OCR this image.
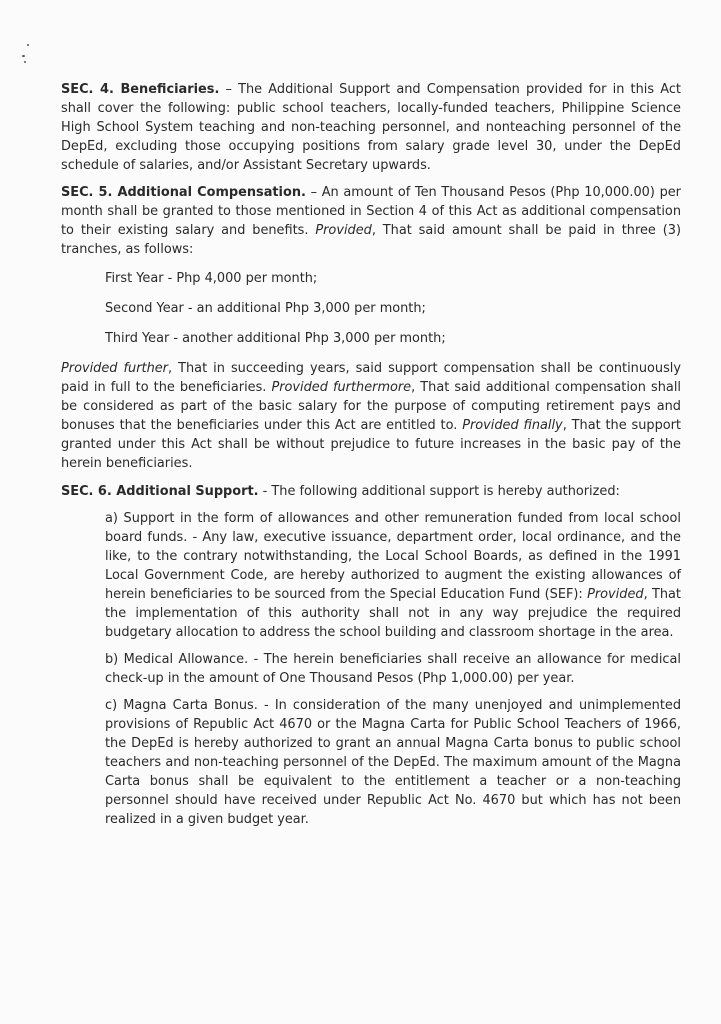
SEC. 4. Beneficiaries. – The Additional Support and Compensation provided for in this Act shall cover the following: public school teachers, locally-funded teachers, Philippine Science High School System teaching and non-teaching personnel, and nonteaching personnel of the DepEd, excluding those occupying positions from salary grade level 30, under the DepEd schedule of salaries, and/or Assistant Secretary upwards.

SEC. 5. Additional Compensation. – An amount of Ten Thousand Pesos (Php 10,000.00) per month shall be granted to those mentioned in Section 4 of this Act as additional compensation to their existing salary and benefits. Provided, That said amount shall be paid in three (3) tranches, as follows:

First Year - Php 4,000 per month;

Second Year - an additional Php 3,000 per month;

Third Year - another additional Php 3,000 per month;

Provided further, That in succeeding years, said support compensation shall be continuously paid in full to the beneficiaries. Provided furthermore, That said additional compensation shall be considered as part of the basic salary for the purpose of computing retirement pays and bonuses that the beneficiaries under this Act are entitled to. Provided finally, That the support granted under this Act shall be without prejudice to future increases in the basic pay of the herein beneficiaries.

SEC. 6. Additional Support. - The following additional support is hereby authorized:

a) Support in the form of allowances and other remuneration funded from local school board funds. - Any law, executive issuance, department order, local ordinance, and the like, to the contrary notwithstanding, the Local School Boards, as defined in the 1991 Local Government Code, are hereby authorized to augment the existing allowances of herein beneficiaries to be sourced from the Special Education Fund (SEF): Provided, That the implementation of this authority shall not in any way prejudice the required budgetary allocation to address the school building and classroom shortage in the area.

b) Medical Allowance. - The herein beneficiaries shall receive an allowance for medical check-up in the amount of One Thousand Pesos (Php 1,000.00) per year.

c) Magna Carta Bonus. - In consideration of the many unenjoyed and unimplemented provisions of Republic Act 4670 or the Magna Carta for Public School Teachers of 1966, the DepEd is hereby authorized to grant an annual Magna Carta bonus to public school teachers and non-teaching personnel of the DepEd. The maximum amount of the Magna Carta bonus shall be equivalent to the entitlement a teacher or a non-teaching personnel should have received under Republic Act No. 4670 but which has not been realized in a given budget year.
